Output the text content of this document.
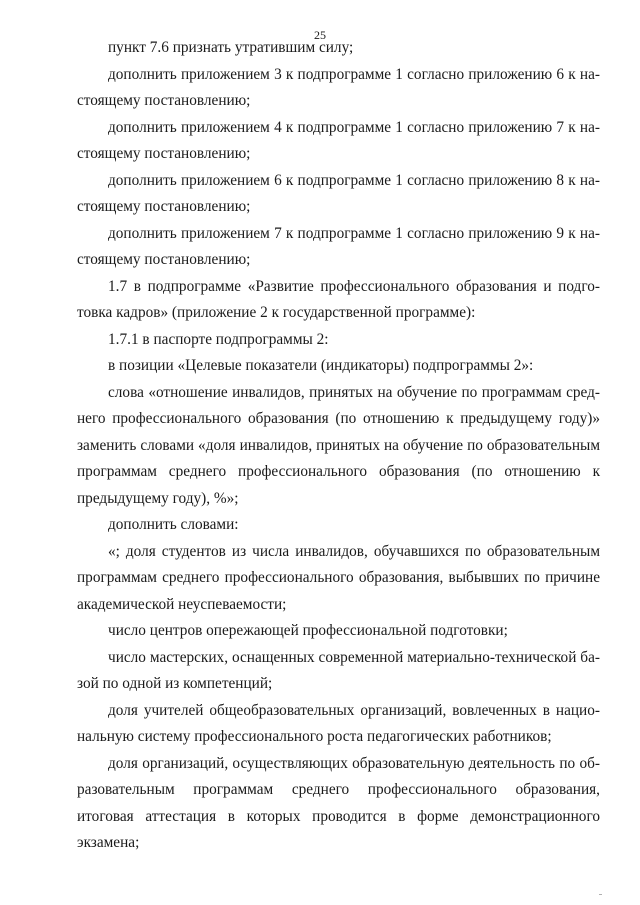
25

пункт 7.6 признать утратившим силу;

дополнить приложением 3 к подпрограмме 1 согласно приложению 6 к настоящему постановлению;

дополнить приложением 4 к подпрограмме 1 согласно приложению 7 к настоящему постановлению;

дополнить приложением 6 к подпрограмме 1 согласно приложению 8 к настоящему постановлению;

дополнить приложением 7 к подпрограмме 1 согласно приложению 9 к настоящему постановлению;

1.7 в подпрограмме «Развитие профессионального образования и подготовка кадров» (приложение 2 к государственной программе):

1.7.1 в паспорте подпрограммы 2:

в позиции «Целевые показатели (индикаторы) подпрограммы 2»:

слова «отношение инвалидов, принятых на обучение по программам среднего профессионального образования (по отношению к предыдущему году)» заменить словами «доля инвалидов, принятых на обучение по образовательным программам среднего профессионального образования (по отношению к предыдущему году), %»;

дополнить словами:

«; доля студентов из числа инвалидов, обучавшихся по образовательным программам среднего профессионального образования, выбывших по причине академической неуспеваемости;

число центров опережающей профессиональной подготовки;

число мастерских, оснащенных современной материально-технической базой по одной из компетенций;

доля учителей общеобразовательных организаций, вовлеченных в национальную систему профессионального роста педагогических работников;

доля организаций, осуществляющих образовательную деятельность по образовательным программам среднего профессионального образования, итоговая аттестация в которых проводится в форме демонстрационного экзамена;
